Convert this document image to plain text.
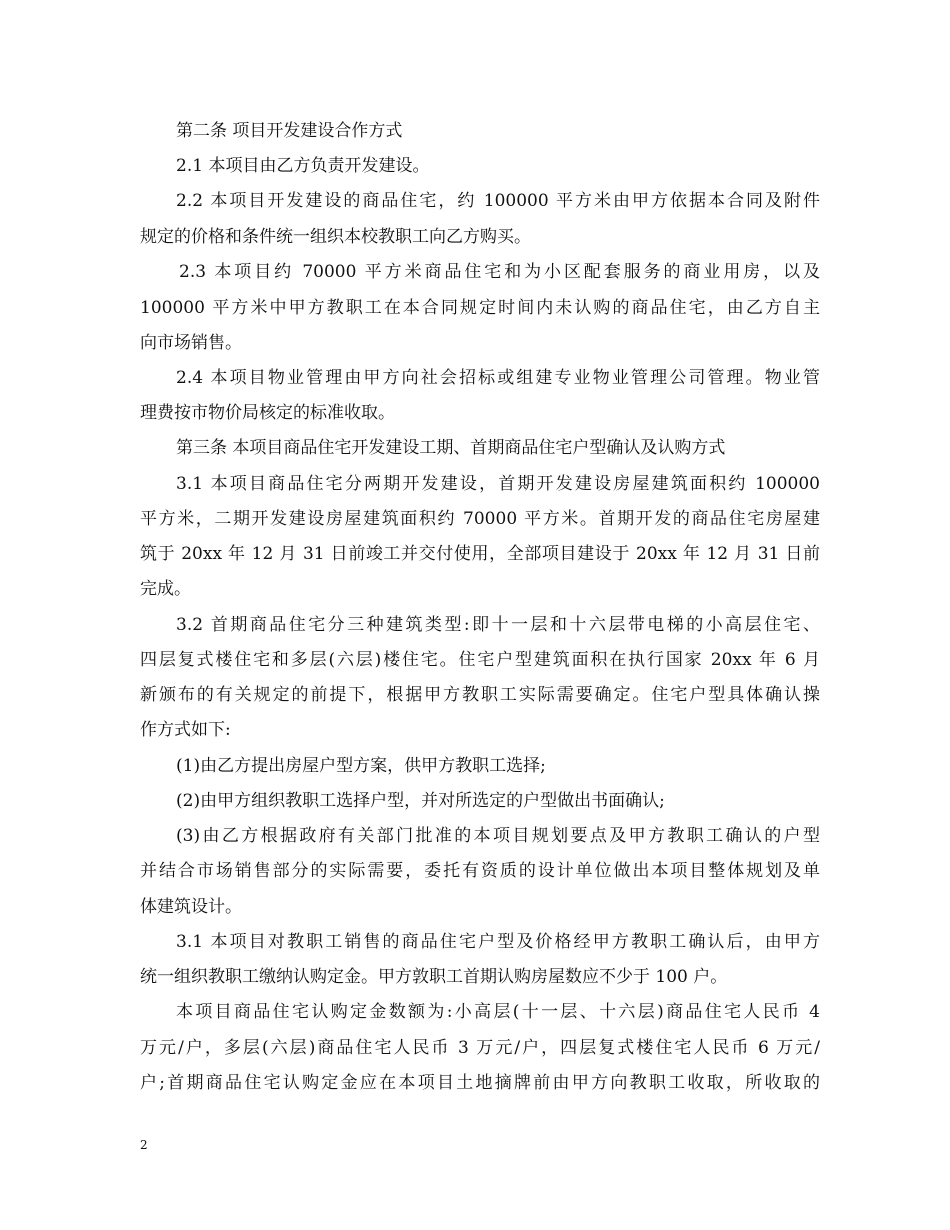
第二条 项目开发建设合作方式
2.1 本项目由乙方负责开发建设。
2.2 本项目开发建设的商品住宅，约 100000 平方米由甲方依据本合同及附件
规定的价格和条件统一组织本校教职工向乙方购买。
2.3 本项目约 70000 平方米商品住宅和为小区配套服务的商业用房，以及
100000 平方米中甲方教职工在本合同规定时间内未认购的商品住宅，由乙方自主
向市场销售。
2.4 本项目物业管理由甲方向社会招标或组建专业物业管理公司管理。物业管
理费按市物价局核定的标准收取。
第三条 本项目商品住宅开发建设工期、首期商品住宅户型确认及认购方式
3.1 本项目商品住宅分两期开发建设，首期开发建设房屋建筑面积约 100000
平方米，二期开发建设房屋建筑面积约 70000 平方米。首期开发的商品住宅房屋建
筑于 20xx 年 12 月 31 日前竣工并交付使用，全部项目建设于 20xx 年 12 月 31 日前
完成。
3.2 首期商品住宅分三种建筑类型:即十一层和十六层带电梯的小高层住宅、
四层复式楼住宅和多层(六层)楼住宅。住宅户型建筑面积在执行国家 20xx 年 6 月
新颁布的有关规定的前提下，根据甲方教职工实际需要确定。住宅户型具体确认操
作方式如下:
(1)由乙方提出房屋户型方案，供甲方教职工选择;
(2)由甲方组织教职工选择户型，并对所选定的户型做出书面确认;
(3)由乙方根据政府有关部门批准的本项目规划要点及甲方教职工确认的户型
并结合市场销售部分的实际需要，委托有资质的设计单位做出本项目整体规划及单
体建筑设计。
3.1 本项目对教职工销售的商品住宅户型及价格经甲方教职工确认后，由甲方
统一组织教职工缴纳认购定金。甲方敦职工首期认购房屋数应不少于 100 户。
本项目商品住宅认购定金数额为:小高层(十一层、十六层)商品住宅人民币 4
万元/户，多层(六层)商品住宅人民币 3 万元/户，四层复式楼住宅人民币 6 万元/
户;首期商品住宅认购定金应在本项目土地摘牌前由甲方向教职工收取，所收取的
2
